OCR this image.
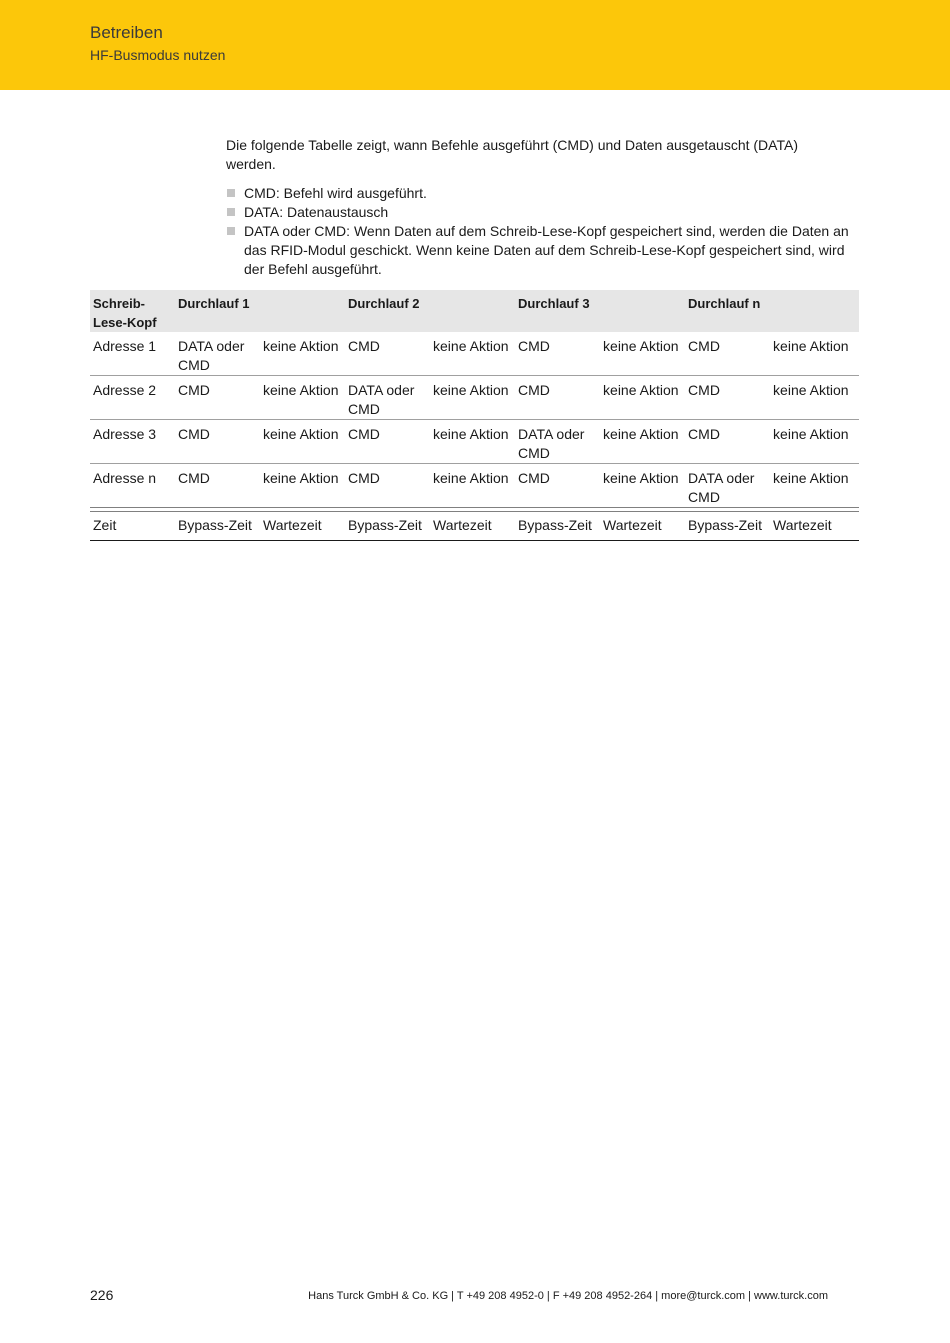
Betreiben
HF-Busmodus nutzen

Die folgende Tabelle zeigt, wann Befehle ausgeführt (CMD) und Daten ausgetauscht (DATA) werden.

CMD: Befehl wird ausgeführt.
DATA: Datenaustausch
DATA oder CMD: Wenn Daten auf dem Schreib-Lese-Kopf gespeichert sind, werden die Daten an das RFID-Modul geschickt. Wenn keine Daten auf dem Schreib-Lese-Kopf gespeichert sind, wird der Befehl ausgeführt.
Schreib-Lese-Kopf	Durchlauf 1		Durchlauf 2		Durchlauf 3		Durchlauf n	
Adresse 1	DATA oder CMD	keine Aktion	CMD	keine Aktion	CMD	keine Aktion	CMD	keine Aktion
Adresse 2	CMD	keine Aktion	DATA oder CMD	keine Aktion	CMD	keine Aktion	CMD	keine Aktion
Adresse 3	CMD	keine Aktion	CMD	keine Aktion	DATA oder CMD	keine Aktion	CMD	keine Aktion
Adresse n	CMD	keine Aktion	CMD	keine Aktion	CMD	keine Aktion	DATA oder CMD	keine Aktion

Zeit	Bypass-Zeit	Wartezeit	Bypass-Zeit	Wartezeit	Bypass-Zeit	Wartezeit	Bypass-Zeit	Wartezeit
226	Hans Turck GmbH & Co. KG | T +49 208 4952-0 | F +49 208 4952-264 | more@turck.com | www.turck.com
